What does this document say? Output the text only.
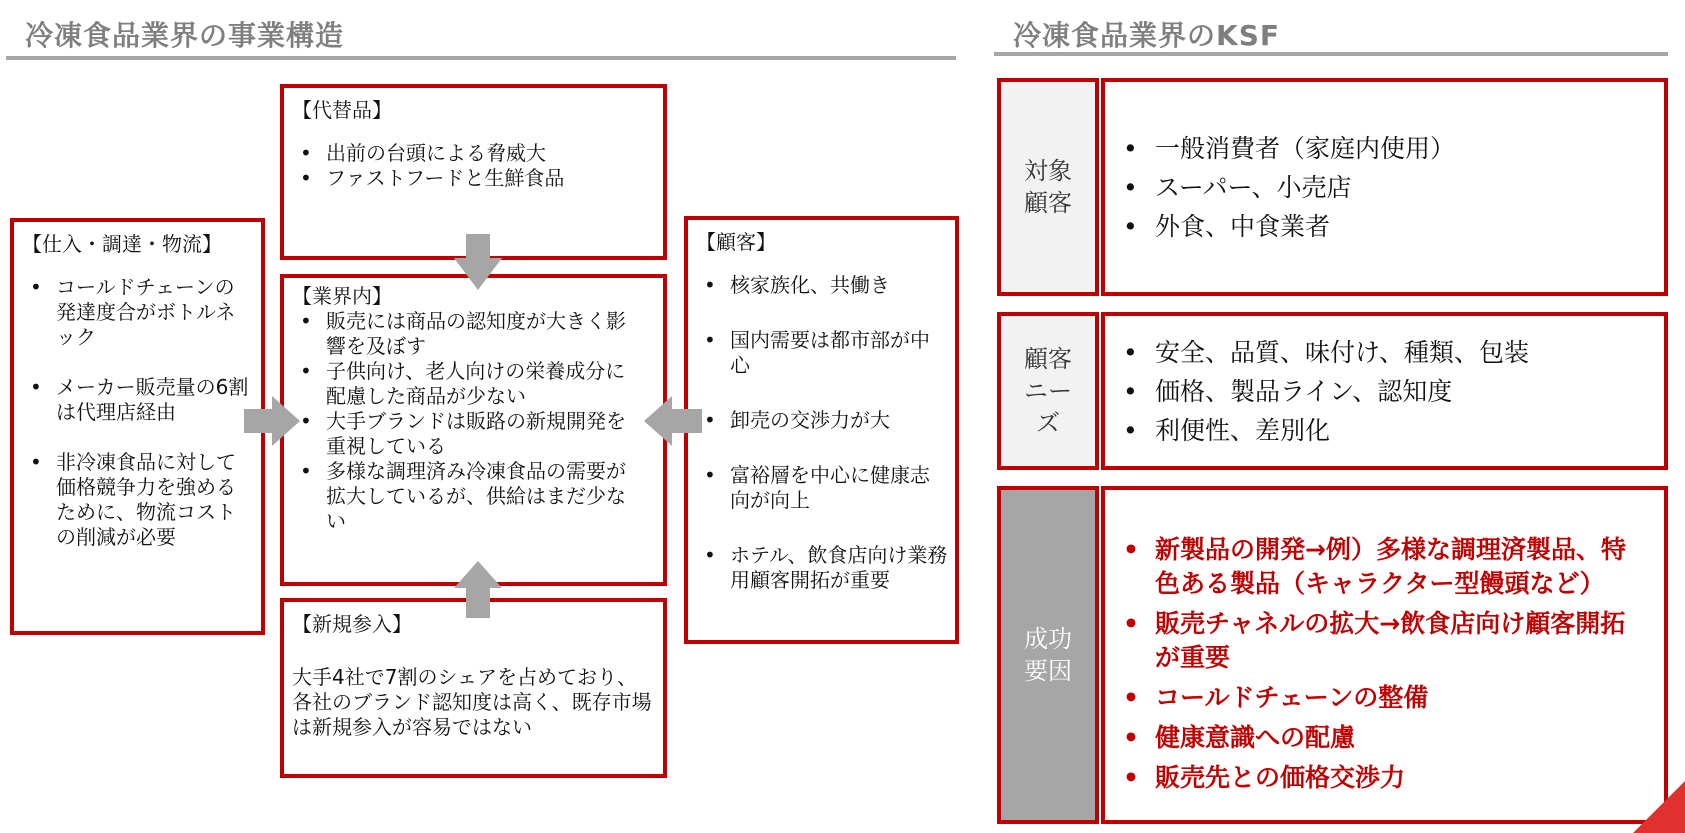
冷凍食品業界の事業構造
【代替品】
• 出前の台頭による脅威大
• ファストフードと生鮮食品
【仕入・調達・物流】
• コールドチェーンの発達度合がボトルネック
• メーカー販売量の6割は代理店経由
• 非冷凍食品に対して価格競争力を強めるために、物流コストの削減が必要
【業界内】
• 販売には商品の認知度が大きく影響を及ぼす
• 子供向け、老人向けの栄養成分に配慮した商品が少ない
• 大手ブランドは販路の新規開発を重視している
• 多様な調理済み冷凍食品の需要が拡大しているが、供給はまだ少ない
【顧客】
• 核家族化、共働き
• 国内需要は都市部が中心
• 卸売の交渉力が大
• 富裕層を中心に健康志向が向上
• ホテル、飲食店向け業務用顧客開拓が重要
【新規参入】
大手4社で7割のシェアを占めており、各社のブランド認知度は高く、既存市場は新規参入が容易ではない
冷凍食品業界のKSF
対象
顧客
• 一般消費者（家庭内使用）
• スーパー、小売店
• 外食、中食業者
顧客
ニー
ズ
• 安全、品質、味付け、種類、包装
• 価格、製品ライン、認知度
• 利便性、差別化
成功
要因
• 新製品の開発→例）多様な調理済製品、特色ある製品（キャラクター型饅頭など）
• 販売チャネルの拡大→飲食店向け顧客開拓が重要
• コールドチェーンの整備
• 健康意識への配慮
• 販売先との価格交渉力
